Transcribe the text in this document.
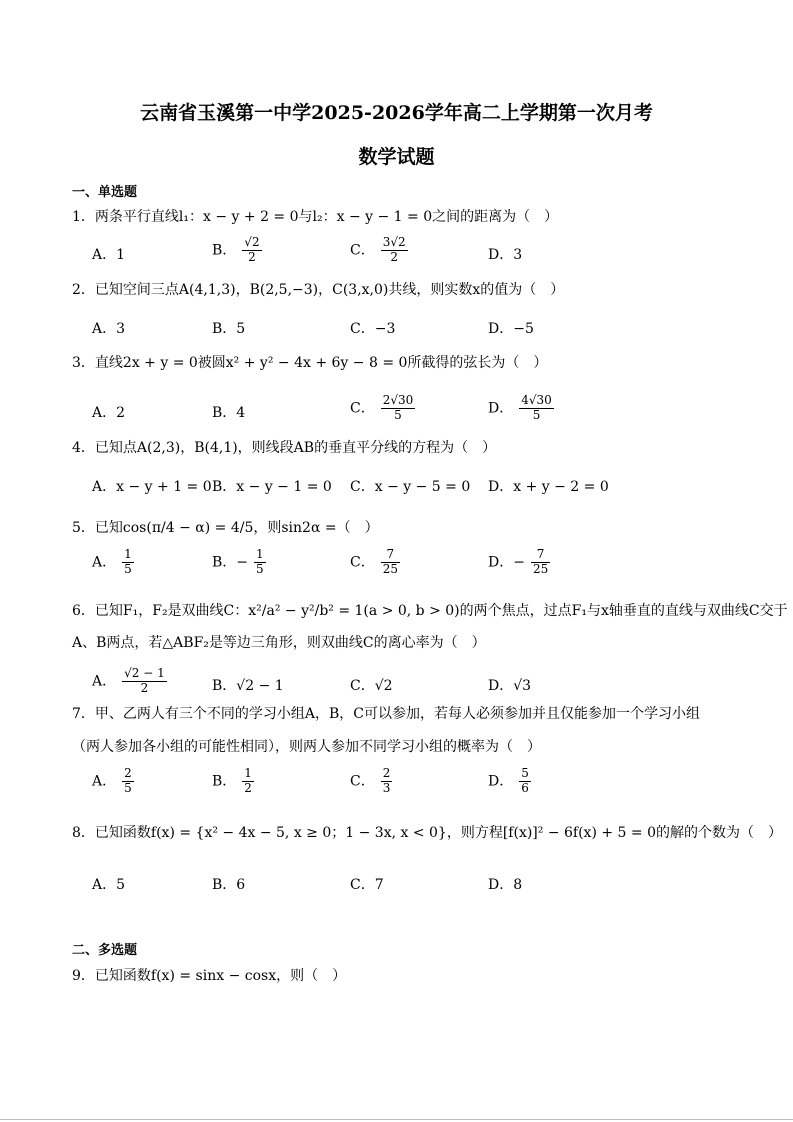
云南省玉溪第一中学2025-2026学年高二上学期第一次月考
数学试题
一、单选题
1．两条平行直线l₁：x − y + 2 = 0与l₂：x − y − 1 = 0之间的距离为（　）
A．1	B． $\frac{√2}{2}$	C． $\frac{3√2}{2}$	D．3
2．已知空间三点A(4,1,3)，B(2,5,−3)，C(3,x,0)共线，则实数x的值为（　）
A．3	B．5	C．−3	D．−5
3．直线2x + y = 0被圆x² + y² − 4x + 6y − 8 = 0所截得的弦长为（　）
A．2	B．4	C． $\frac{2√30}{5}$	D． $\frac{4√30}{5}$
4．已知点A(2,3)，B(4,1)，则线段AB的垂直平分线的方程为（　）
A．x − y + 1 = 0 B．x − y − 1 = 0 C．x − y − 5 = 0 D．x + y − 2 = 0
5．已知cos(π/4 − α) = 4/5，则sin2α =（　）
A． $\frac{1}{5}$	B．− $\frac{1}{5}$	C． $\frac{7}{25}$	D．− $\frac{7}{25}$
6．已知F₁，F₂是双曲线C：x²/a² − y²/b² = 1(a > 0, b > 0)的两个焦点，过点F₁与x轴垂直的直线与双曲线C交于
A、B两点，若△ABF₂是等边三角形，则双曲线C的离心率为（　）
A． $\frac{√2 - 1}{2}$	B．√2 − 1	C．√2	D．√3
7．甲、乙两人有三个不同的学习小组A，B，C可以参加，若每人必须参加并且仅能参加一个学习小组
（两人参加各小组的可能性相同），则两人参加不同学习小组的概率为（　）
A． $\frac{2}{5}$	B． $\frac{1}{2}$	C． $\frac{2}{3}$	D． $\frac{5}{6}$
8．已知函数f(x) = {x² − 4x − 5, x ≥ 0；1 − 3x, x < 0}，则方程[f(x)]² − 6f(x) + 5 = 0的解的个数为（　）
A．5	B．6	C．7	D．8
二、多选题
9．已知函数f(x) = sinx − cosx，则（　）
